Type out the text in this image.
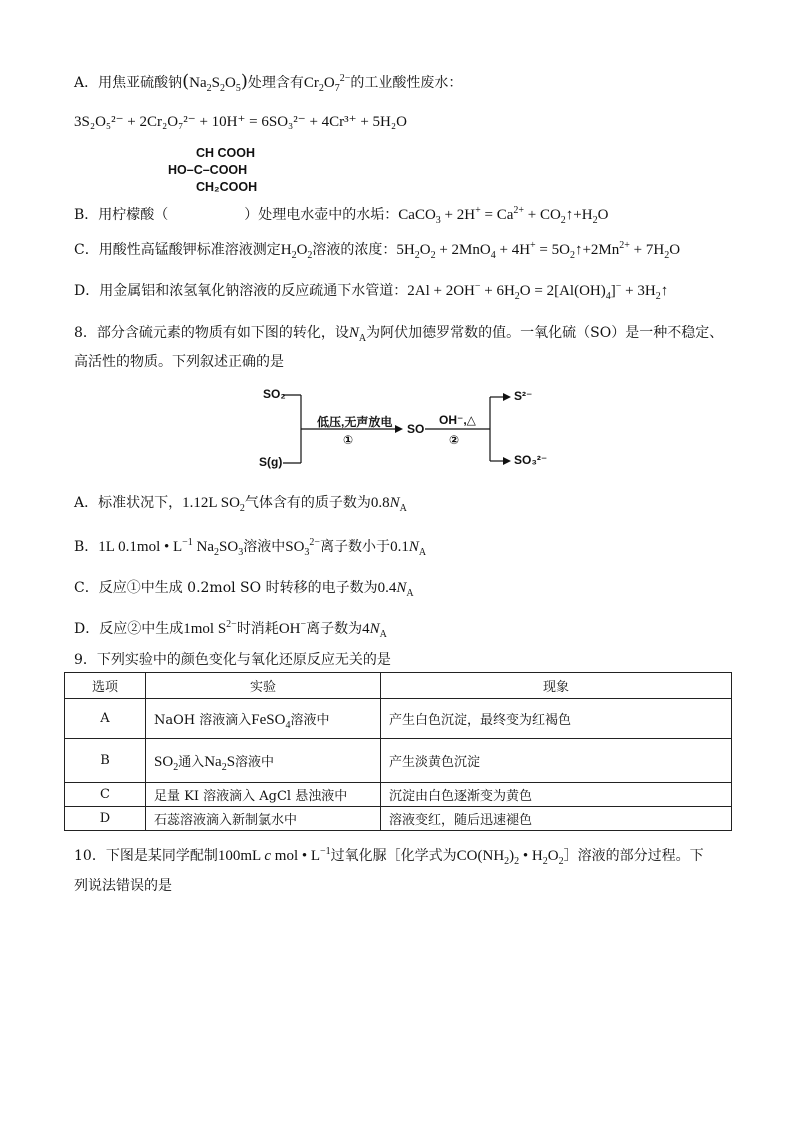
A．用焦亚硫酸钠$(Na_2S_2O_5)$处理含有$Cr_2O_7^{2-}$的工业酸性废水：
3S₂O₅²⁻ + 2Cr₂O₇²⁻ + 10H⁺ = 6SO₃²⁻ + 4Cr³⁺ + 5H₂O
CH COOH
HO–C–COOH
CH₂COOH
B．用柠檬酸（	）处理电水壶中的水垢：CaCO$_3$ + $2H^+ = Ca^{2+}$ + $CO_2↑+H_2O$
C．用酸性高锰酸钾标准溶液测定$H_2O_2$溶液的浓度：$5H_2O_2 + 2MnO_4 + 4H^+$ = $5O_2↑+2Mn^{2+} + 7H_2O$
D．用金属铝和浓氢氧化钠溶液的反应疏通下水管道：$2Al + 2OH^- + 6H_2O = 2[Al(OH)_4]^-$ + $3H_2↑$
8．部分含硫元素的物质有如下图的转化，设$N_A$为阿伏加德罗常数的值。一氧化硫（SO）是一种不稳定、
高活性的物质。下列叙述正确的是
SO₂
S(g)
低压,无声放电
①
SO
OH⁻,△
②
S²⁻
SO₃²⁻
A．标准状况下，1.12L $SO_2$气体含有的质子数为$0.8N_A$
B．1L 0.1mol • $L^{-1}$ $Na_2SO_3$溶液中$SO_3^{2-}$离子数小于$0.1N_A$
C．反应①中生成 0.2mol SO 时转移的电子数为$0.4N_A$
D．反应②中生成1mol $S^{2-}$时消耗OH−离子数为$4N_A$
9．下列实验中的颜色变化与氧化还原反应无关的是
选项	实验	现象
A	NaOH 溶液滴入FeSO$_4$溶液中	产生白色沉淀，最终变为红褐色
B	$SO_2$通入$Na_2S$溶液中	产生淡黄色沉淀
C	足量 KI 溶液滴入 AgCl 悬浊液中	沉淀由白色逐渐变为黄色
D	石蕊溶液滴入新制氯水中	溶液变红，随后迅速褪色
10．下图是某同学配制100mL c mol • $L^{-1}$过氧化脲［化学式为$CO(NH_2)_2$ • $H_2O_2]$溶液的部分过程。下
列说法错误的是
